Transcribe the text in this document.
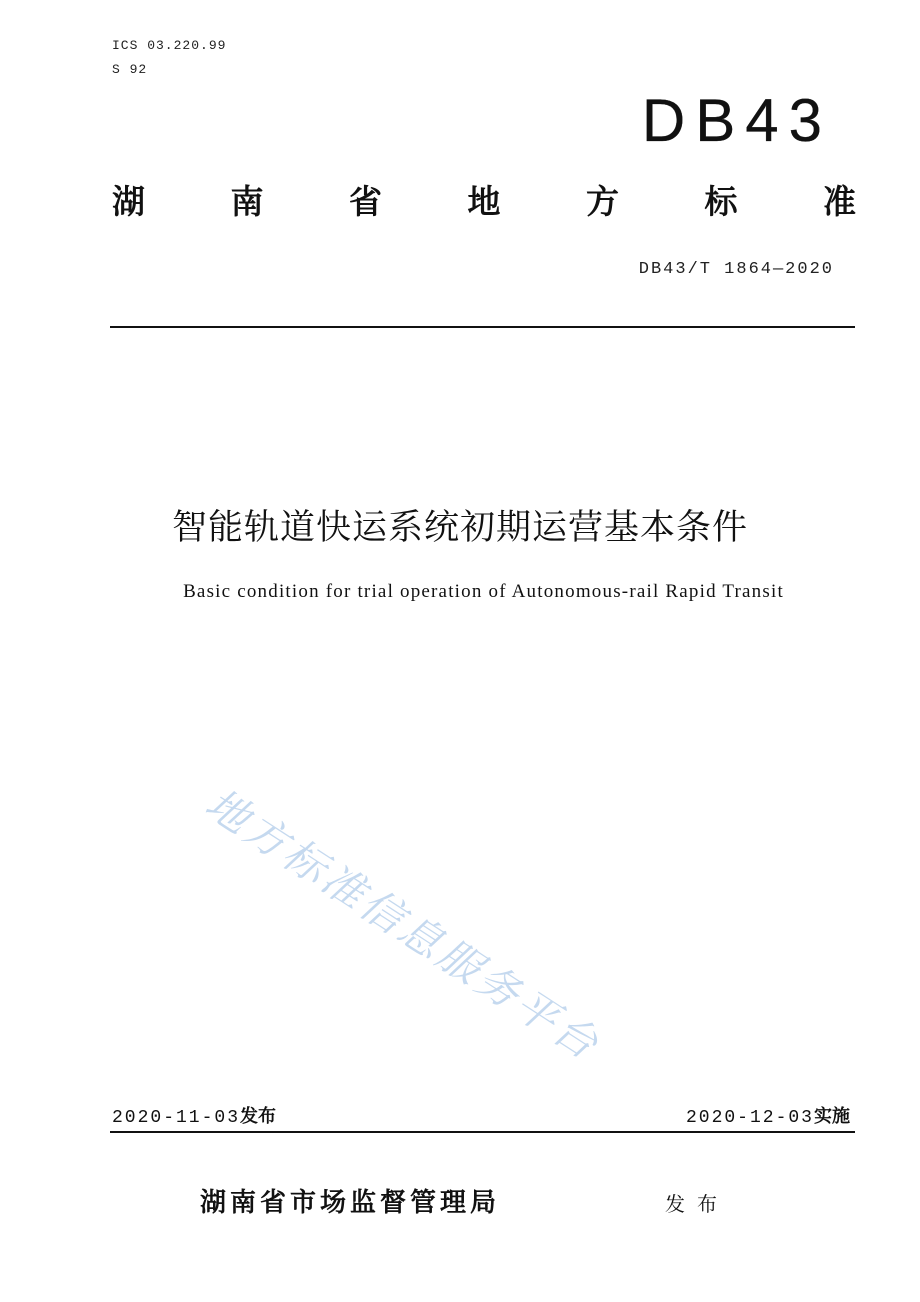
ICS 03.220.99
S 92
DB43
湖	南	省	地	方	标	准
DB43/T 1864—2020
智能轨道快运系统初期运营基本条件
Basic condition for trial operation of Autonomous-rail Rapid Transit
地方标准信息服务平台
2020-11-03发布	2020-12-03实施
湖南省市场监督管理局	发布
